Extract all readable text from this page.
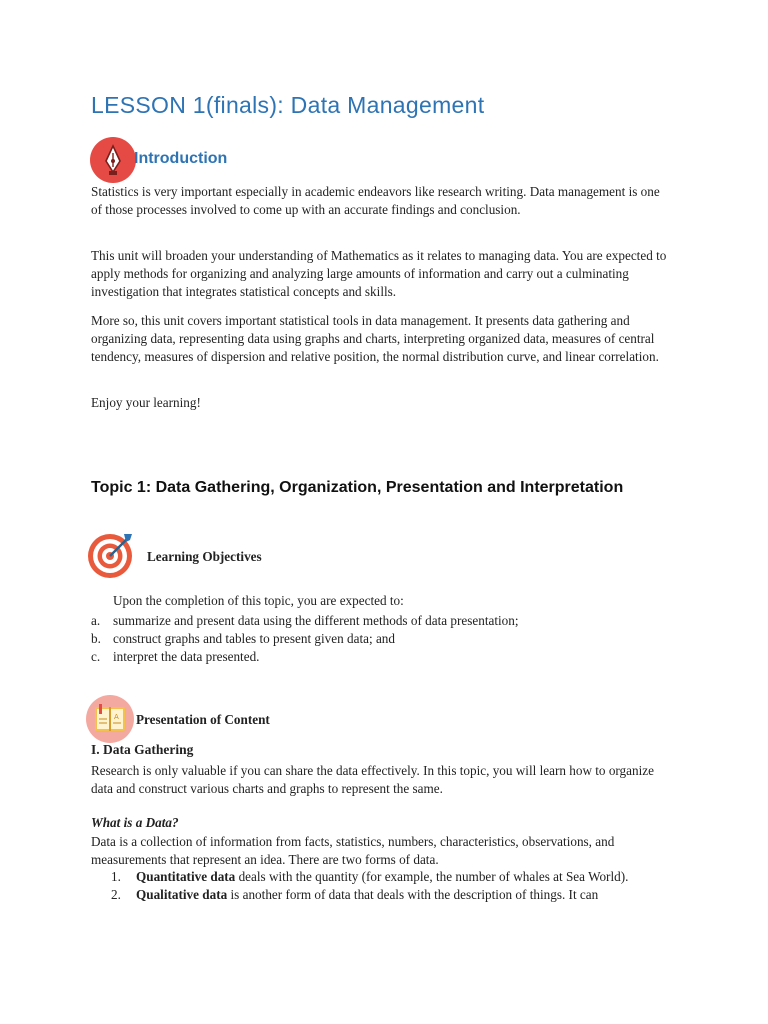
LESSON 1(finals): Data Management
Introduction

Statistics is very important especially in academic endeavors like research writing. Data management is one of those processes involved to come up with an accurate findings and conclusion.

This unit will broaden your understanding of Mathematics as it relates to managing data. You are expected to apply methods for organizing and analyzing large amounts of information and carry out a culminating investigation that integrates statistical concepts and skills.

More so, this unit covers important statistical tools in data management. It presents data gathering and organizing data, representing data using graphs and charts, interpreting organized data, measures of central tendency, measures of dispersion and relative position, the normal distribution curve, and linear correlation.

Enjoy your learning!

Topic 1: Data Gathering, Organization, Presentation and Interpretation

Learning Objectives

Upon the completion of this topic, you are expected to:

a. summarize and present data using the different methods of data presentation;
b. construct graphs and tables to present given data; and
c. interpret the data presented.
A Presentation of Content

I. Data Gathering

Research is only valuable if you can share the data effectively. In this topic, you will learn how to organize data and construct various charts and graphs to represent the same.

What is a Data?

Data is a collection of information from facts, statistics, numbers, characteristics, observations, and measurements that represent an idea. There are two forms of data.

1. Quantitative data deals with the quantity (for example, the number of whales at Sea World).
2. Qualitative data is another form of data that deals with the description of things. It can
